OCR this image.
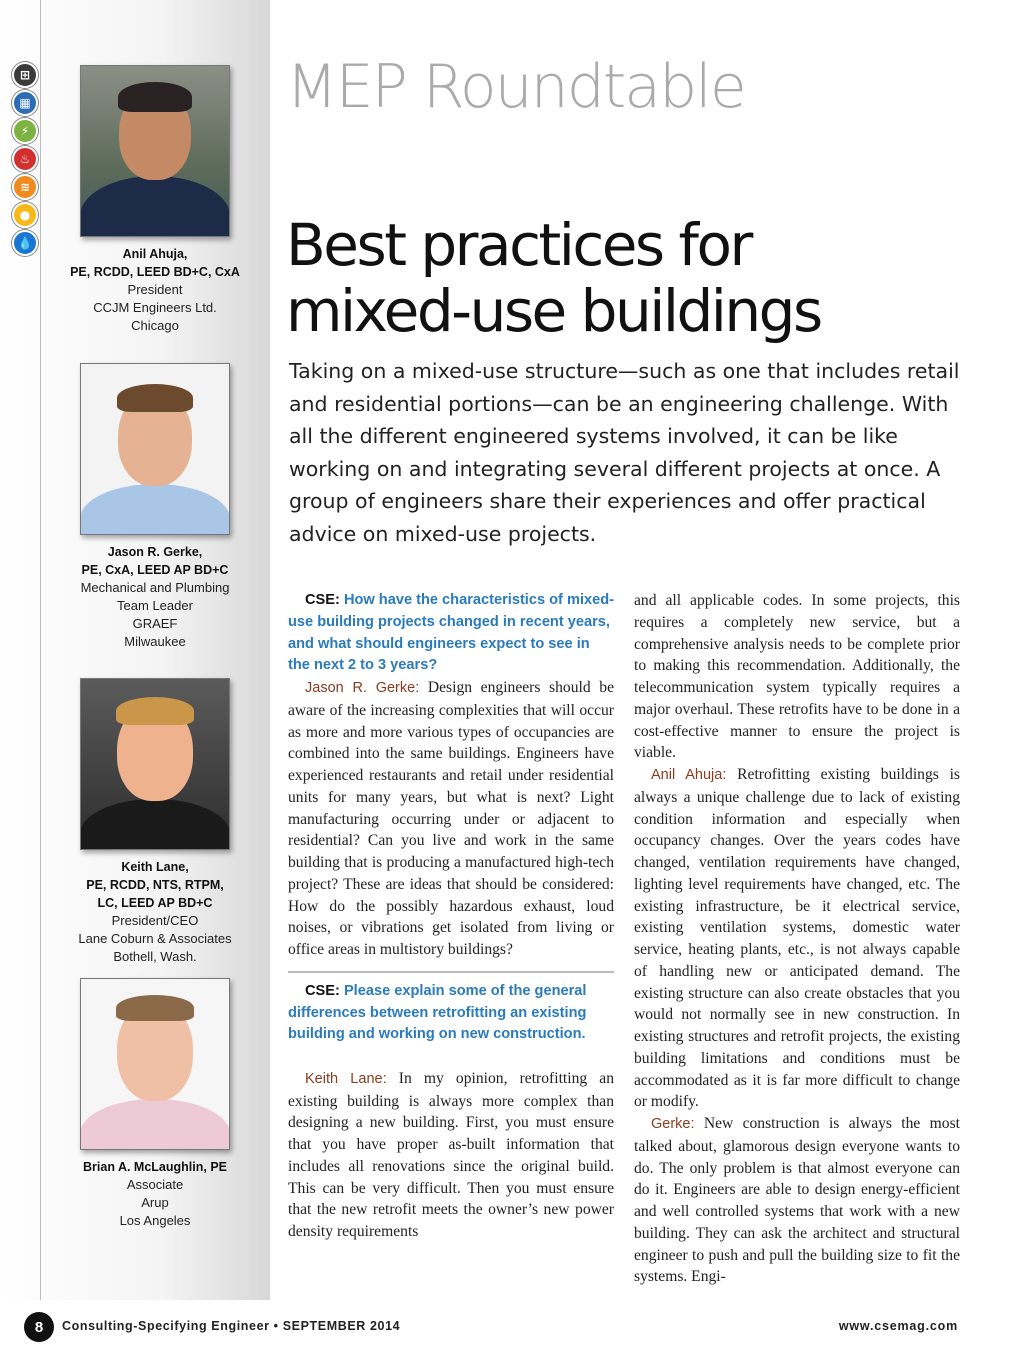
⊞
▦
⚡
♨
≋
●
💧
Anil Ahuja,
PE, RCDD, LEED BD+C, CxA
President
CCJM Engineers Ltd.
Chicago
Jason R. Gerke,
PE, CxA, LEED AP BD+C
Mechanical and Plumbing
Team Leader
GRAEF
Milwaukee
Keith Lane,
PE, RCDD, NTS, RTPM,
LC, LEED AP BD+C
President/CEO
Lane Coburn & Associates
Bothell, Wash.
Brian A. McLaughlin, PE
Associate
Arup
Los Angeles
MEP Roundtable
Best practices for
mixed-use buildings

Taking on a mixed-use structure—such as one that includes retail and residential portions—can be an engineering challenge. With all the different engineered systems involved, it can be like working on and integrating several different projects at once. A group of engineers share their experiences and offer practical advice on mixed-use projects.

CSE: How have the characteristics of mixed-use building projects changed in recent years, and what should engineers expect to see in the next 2 to 3 years?

Jason R. Gerke: Design engineers should be aware of the increasing complexities that will occur as more and more various types of occupancies are combined into the same buildings. Engineers have experienced restaurants and retail under residential units for many years, but what is next? Light manufacturing occurring under or adjacent to residential? Can you live and work in the same building that is producing a manufactured high-tech project? These are ideas that should be considered: How do the possibly hazardous exhaust, loud noises, or vibrations get isolated from living or office areas in multistory buildings?

CSE: Please explain some of the general differences between retrofitting an existing building and working on new construction.

Keith Lane: In my opinion, retrofitting an existing building is always more complex than designing a new building. First, you must ensure that you have proper as-built information that includes all renovations since the original build. This can be very difficult. Then you must ensure that the new retrofit meets the owner’s new power density requirements

and all applicable codes. In some projects, this requires a completely new service, but a comprehensive analysis needs to be complete prior to making this recommendation. Additionally, the telecommunication system typically requires a major overhaul. These retrofits have to be done in a cost-effective manner to ensure the project is viable.

Anil Ahuja: Retrofitting existing buildings is always a unique challenge due to lack of existing condition information and especially when occupancy changes. Over the years codes have changed, ventilation requirements have changed, lighting level requirements have changed, etc. The existing infrastructure, be it electrical service, existing ventilation systems, domestic water service, heating plants, etc., is not always capable of handling new or anticipated demand. The existing structure can also create obstacles that you would not normally see in new construction. In existing structures and retrofit projects, the existing building limitations and conditions must be accommodated as it is far more difficult to change or modify.

Gerke: New construction is always the most talked about, glamorous design everyone wants to do. The only problem is that almost everyone can do it. Engineers are able to design energy-efficient and well controlled systems that work with a new building. They can ask the architect and structural engineer to push and pull the building size to fit the systems. Engi-

8	Consulting-Specifying Engineer • SEPTEMBER 2014	www.csemag.com
